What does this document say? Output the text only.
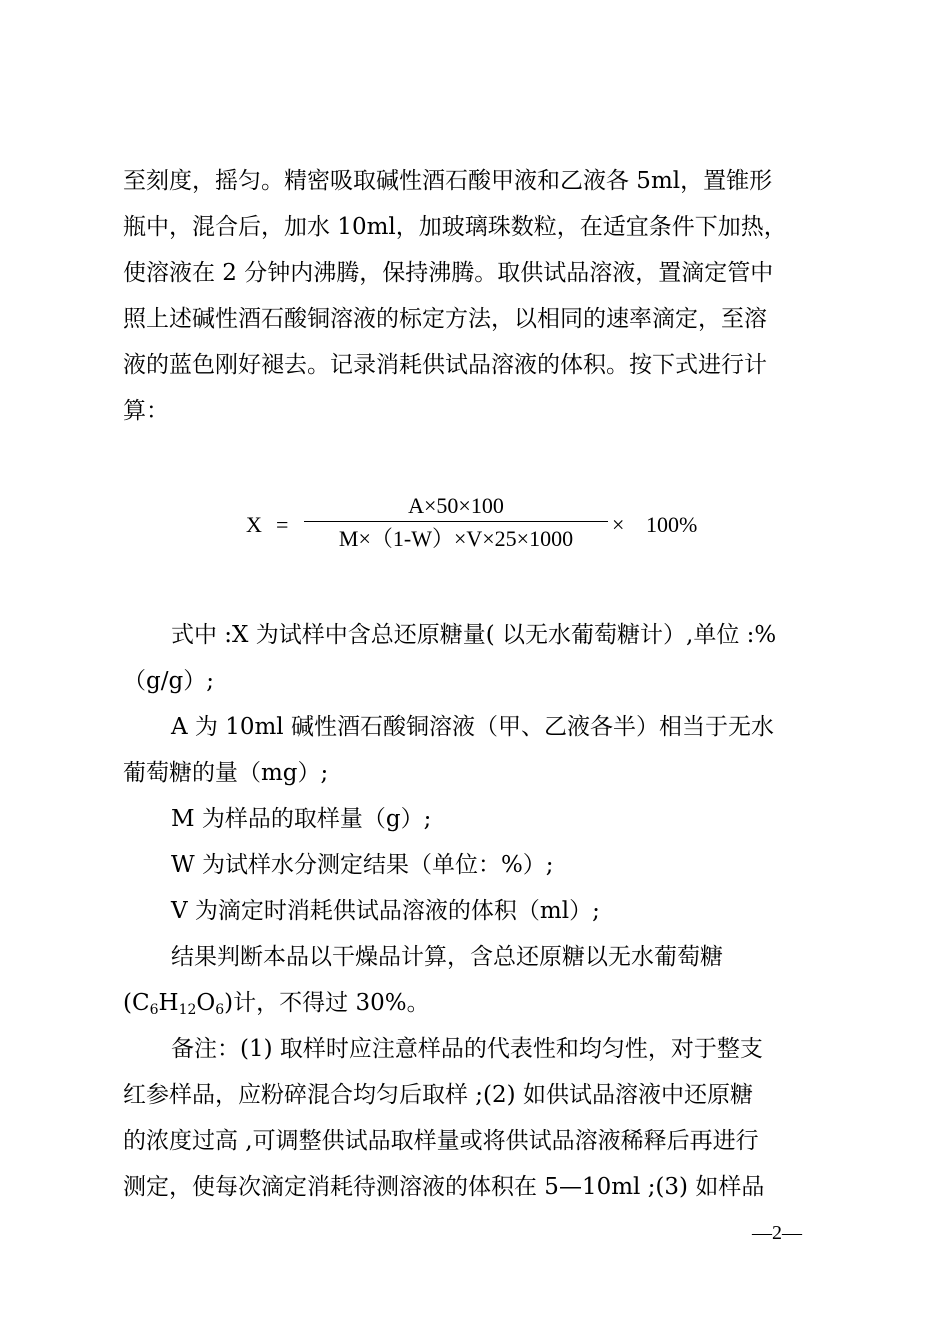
至刻度，摇匀。精密吸取碱性酒石酸甲液和乙液各 5ml，置锥形
瓶中，混合后，加水 10ml，加玻璃珠数粒，在适宜条件下加热，
使溶液在 2 分钟内沸腾，保持沸腾。取供试品溶液，置滴定管中
照上述碱性酒石酸铜溶液的标定方法，以相同的速率滴定，至溶
液的蓝色刚好褪去。记录消耗供试品溶液的体积。按下式进行计
算：
X =
A×50×100
M×（1-W）×V×25×1000
× 100%
式中 :X 为试样中含总还原糖量( 以无水葡萄糖计）,单位 :%
（g/g）;
A 为 10ml 碱性酒石酸铜溶液（甲、乙液各半）相当于无水
葡萄糖的量（mg）;
M 为样品的取样量（g）;
W 为试样水分测定结果（单位：%）;
V 为滴定时消耗供试品溶液的体积（ml）;
结果判断本品以干燥品计算，含总还原糖以无水葡萄糖
$(C_6H_{12}O_6)$计，不得过 30%。
备注：(1) 取样时应注意样品的代表性和均匀性，对于整支
红参样品，应粉碎混合均匀后取样 ;(2) 如供试品溶液中还原糖
的浓度过高 ,可调整供试品取样量或将供试品溶液稀释后再进行
测定，使每次滴定消耗待测溶液的体积在 5—10ml ;(3) 如样品
—2—
